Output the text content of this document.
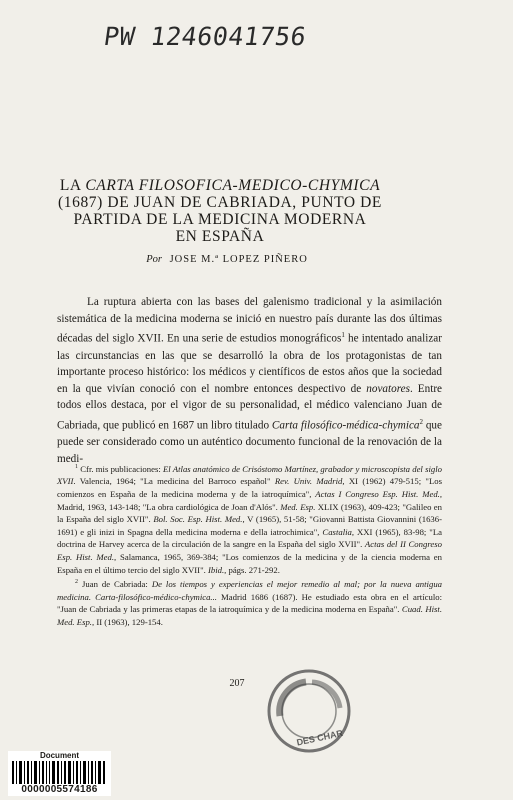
PW 1246041756
LA CARTA FILOSOFICA-MEDICO-CHYMICA
(1687) DE JUAN DE CABRIADA, PUNTO DE
PARTIDA DE LA MEDICINA MODERNA
EN ESPAÑA
Por JOSE M.ª LOPEZ PIÑERO

La ruptura abierta con las bases del galenismo tradicional y la asimilación sistemática de la medicina moderna se inició en nuestro país durante las dos últimas décadas del siglo XVII. En una serie de estudios monográficos$^1$ he intentado analizar las circunstancias en las que se desarrolló la obra de los protagonistas de tan importante proceso histórico: los médicos y científicos de estos años que la sociedad en la que vivían conoció con el nombre entonces despectivo de novatores. Entre todos ellos destaca, por el vigor de su personalidad, el médico valenciano Juan de Cabriada, que publicó en 1687 un libro titulado Carta filosófico-médica-chymica$^2$ que puede ser considerado como un auténtico documento funcional de la renovación de la medi-

$^1$ Cfr. mis publicaciones: El Atlas anatómico de Crisóstomo Martínez, grabador y microscopista del siglo XVII. Valencia, 1964; "La medicina del Barroco español" Rev. Univ. Madrid, XI (1962) 479-515; "Los comienzos en España de la medicina moderna y de la iatroquímica", Actas I Congreso Esp. Hist. Med., Madrid, 1963, 143-148; "La obra cardiológica de Joan d'Alós". Med. Esp. XLIX (1963), 409-423; "Galileo en la España del siglo XVII". Bol. Soc. Esp. Hist. Med., V (1965), 51-58; "Giovanni Battista Giovannini (1636-1691) e gli inizi in Spagna della medicina moderna e della iatrochimica", Castalia, XXI (1965), 83-98; "La doctrina de Harvey acerca de la circulación de la sangre en la España del siglo XVII". Actas del II Congreso Esp. Hist. Med., Salamanca, 1965, 369-384; "Los comienzos de la medicina y de la ciencia moderna en España en el último tercio del siglo XVII". Ibid., págs. 271-292.

$^2$ Juan de Cabriada: De los tiempos y experiencias el mejor remedio al mal; por la nueva antigua medicina. Carta-filosófico-médico-chymica... Madrid 1686 (1687). He estudiado esta obra en el artículo: "Juan de Cabriada y las primeras etapas de la iatroquímica y de la medicina moderna en España". Cuad. Hist. Med. Esp., II (1963), 129-154.

207
DES CHAR
Document
0000005574186
